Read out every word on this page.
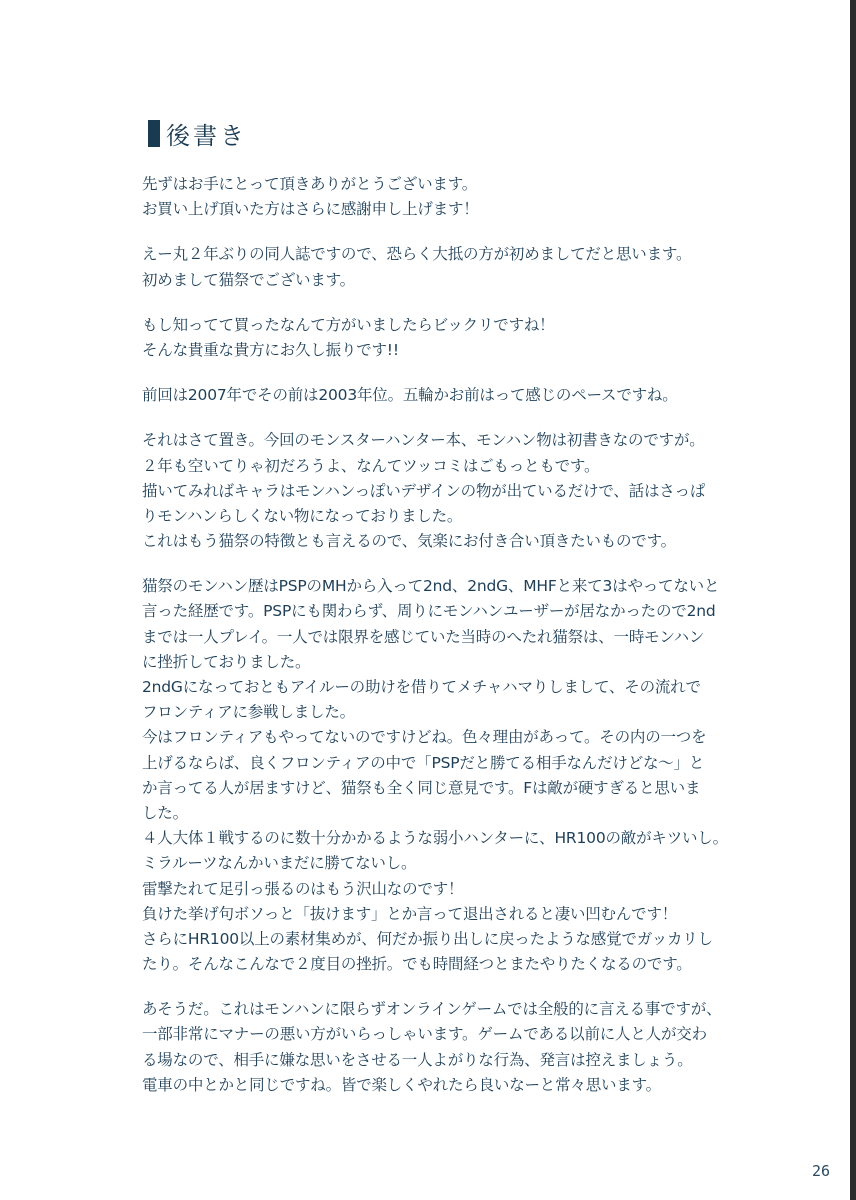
後書き
先ずはお手にとって頂きありがとうございます。
お買い上げ頂いた方はさらに感謝申し上げます！
えー丸２年ぶりの同人誌ですので、恐らく大抵の方が初めましてだと思います。
初めまして猫祭でございます。
もし知ってて買ったなんて方がいましたらビックリですね！
そんな貴重な貴方にお久し振りです!!
前回は2007年でその前は2003年位。五輪かお前はって感じのペースですね。
それはさて置き。今回のモンスターハンター本、モンハン物は初書きなのですが。
２年も空いてりゃ初だろうよ、なんてツッコミはごもっともです。
描いてみればキャラはモンハンっぽいデザインの物が出ているだけで、話はさっぱ
りモンハンらしくない物になっておりました。
これはもう猫祭の特徴とも言えるので、気楽にお付き合い頂きたいものです。
猫祭のモンハン歴はPSPのMHから入って2nd、2ndG、MHFと来て3はやってないと
言った経歴です。PSPにも関わらず、周りにモンハンユーザーが居なかったので2nd
までは一人プレイ。一人では限界を感じていた当時のへたれ猫祭は、一時モンハン
に挫折しておりました。
2ndGになっておともアイルーの助けを借りてメチャハマりしまして、その流れで
フロンティアに参戦しました。
今はフロンティアもやってないのですけどね。色々理由があって。その内の一つを
上げるならば、良くフロンティアの中で「PSPだと勝てる相手なんだけどな～」と
か言ってる人が居ますけど、猫祭も全く同じ意見です。Fは敵が硬すぎると思いま
した。
４人大体１戦するのに数十分かかるような弱小ハンターに、HR100の敵がキツいし。
ミラルーツなんかいまだに勝てないし。
雷撃たれて足引っ張るのはもう沢山なのです！
負けた挙げ句ボソっと「抜けます」とか言って退出されると凄い凹むんです！
さらにHR100以上の素材集めが、何だか振り出しに戻ったような感覚でガッカリし
たり。そんなこんなで２度目の挫折。でも時間経つとまたやりたくなるのです。
あそうだ。これはモンハンに限らずオンラインゲームでは全般的に言える事ですが、
一部非常にマナーの悪い方がいらっしゃいます。ゲームである以前に人と人が交わ
る場なので、相手に嫌な思いをさせる一人よがりな行為、発言は控えましょう。
電車の中とかと同じですね。皆で楽しくやれたら良いなーと常々思います。
26
